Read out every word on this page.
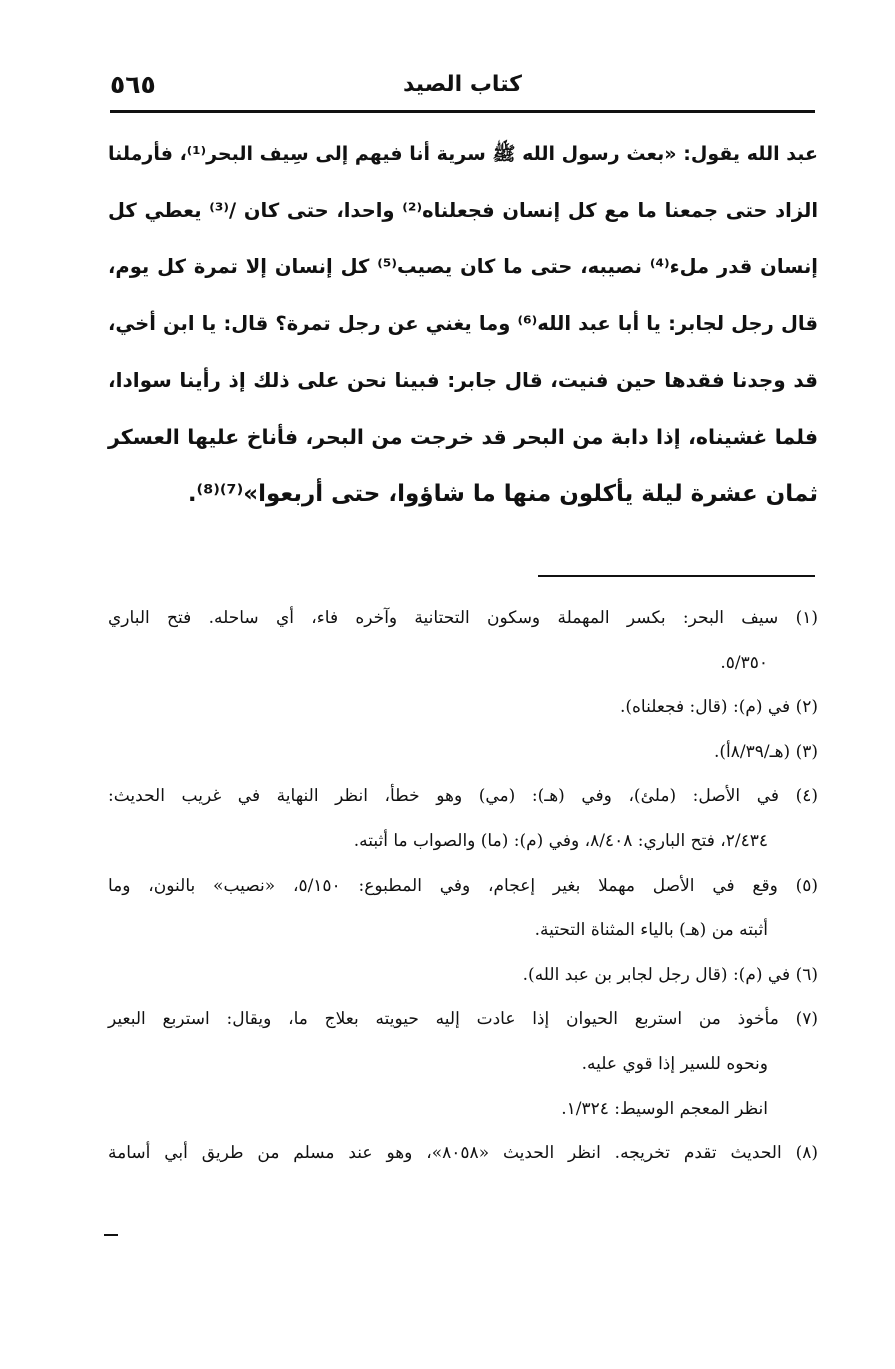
كتاب الصيد
٥٦٥
عبد الله يقول: «بعث رسول الله ﷺ سرية أنا فيهم إلى سِيف البحر⁽¹⁾، فأرملنا
الزاد حتى جمعنا ما مع كل إنسان فجعلناه⁽²⁾ واحدا، حتى كان /⁽³⁾ يعطي كل
إنسان قدر ملء⁽⁴⁾ نصيبه، حتى ما كان يصيب⁽⁵⁾ كل إنسان إلا تمرة كل يوم،
قال رجل لجابر: يا أبا عبد الله⁽⁶⁾ وما يغني عن رجل تمرة؟ قال: يا ابن أخي،
قد وجدنا فقدها حين فنيت، قال جابر: فبينا نحن على ذلك إذ رأينا سوادا،
فلما غشيناه، إذا دابة من البحر قد خرجت من البحر، فأناخ عليها العسكر
ثمان عشرة ليلة يأكلون منها ما شاؤوا، حتى أربعوا»⁽⁷⁾⁽⁸⁾.
(١) سيف البحر: بكسر المهملة وسكون التحتانية وآخره فاء، أي ساحله. فتح الباري
٥/٣٥٠.
(٢) في (م): (قال: فجعلناه).
(٣) (هـ/٨/٣٩أ).
(٤) في الأصل: (ملئ)، وفي (هـ): (مي) وهو خطأ، انظر النهاية في غريب الحديث:
٢/٤٣٤، فتح الباري: ٨/٤٠٨، وفي (م): (ما) والصواب ما أثبته.
(٥) وقع في الأصل مهملا بغير إعجام، وفي المطبوع: ٥/١٥٠، «نصيب» بالنون، وما
أثبته من (هـ) بالياء المثناة التحتية.
(٦) في (م): (قال رجل لجابر بن عبد الله).
(٧) مأخوذ من استربع الحيوان إذا عادت إليه حيويته بعلاج ما، ويقال: استربع البعير
ونحوه للسير إذا قوي عليه.
انظر المعجم الوسيط: ١/٣٢٤.
(٨) الحديث تقدم تخريجه. انظر الحديث «٨٠٥٨»، وهو عند مسلم من طريق أبي أسامة
